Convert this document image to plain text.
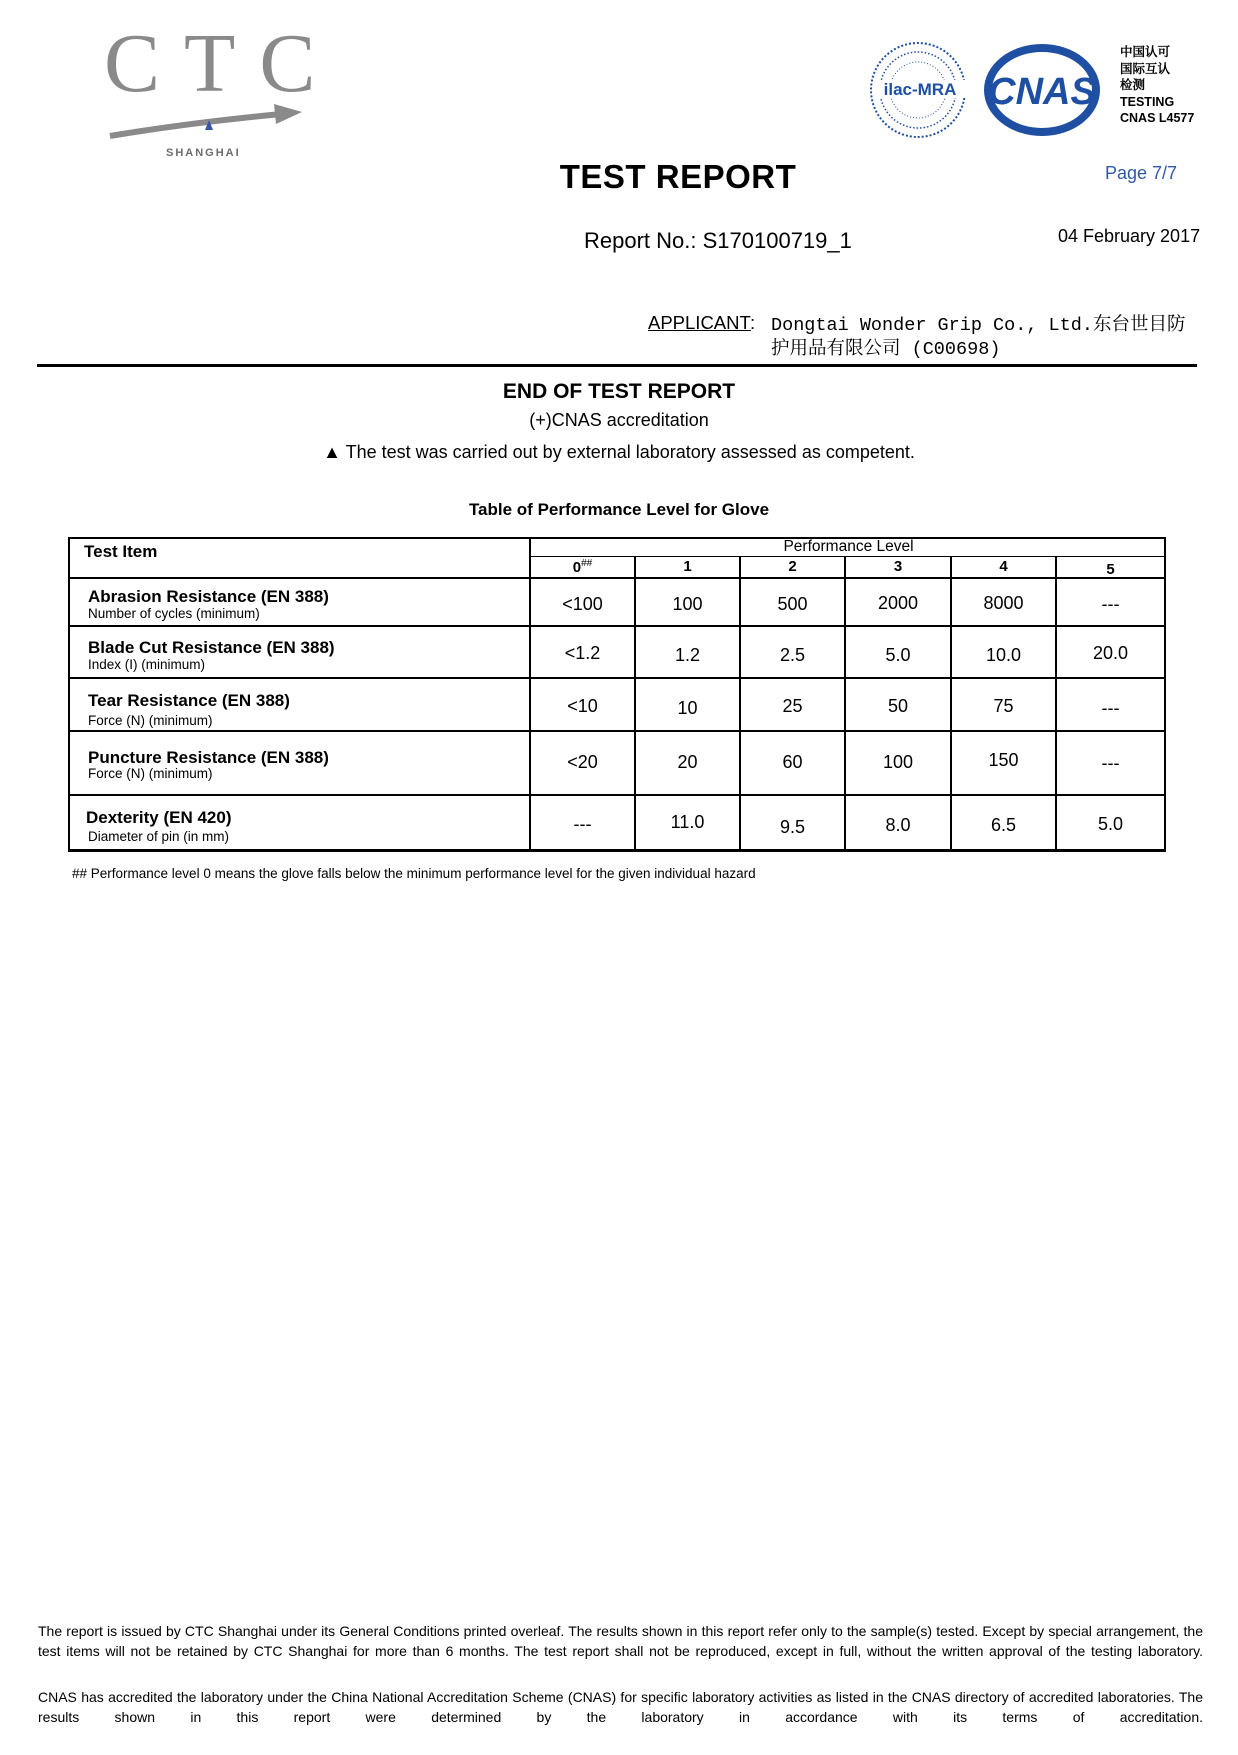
CTC
SHANGHAI
ilac-MRA CNAS
中国认可
国际互认
检测
TESTING
CNAS L4577
TEST REPORT	Page 7/7
Report No.: S170100719_1	04 February 2017
APPLICANT : Dongtai Wonder Grip Co., Ltd.东台世目防
护用品有限公司 (C00698)
END OF TEST REPORT
(+)CNAS accreditation
▲ The test was carried out by external laboratory assessed as competent.
Table of Performance Level for Glove
Test Item	Performance Level
0##	1	2	3	4	5
Abrasion Resistance (EN 388)
Number of cycles (minimum)	<100	100	500	2000	8000	---
Blade Cut Resistance (EN 388)
Index (I) (minimum)
<1.2	1.2	2.5	5.0	10.0	20.0
Tear Resistance (EN 388)
Force (N) (minimum)
<10	10	25	50	75	---
Puncture Resistance (EN 388)
Force (N) (minimum)
<20	20	60	100	150	---
Dexterity (EN 420)
Diameter of pin (in mm)
---	11.0	9.5	8.0	6.5	5.0
## Performance level 0 means the glove falls below the minimum performance level for the given individual hazard
The report is issued by CTC Shanghai under its General Conditions printed overleaf. The results shown in this report refer only to the sample(s) tested. Except by special arrangement, the test items will not be retained by CTC Shanghai for more than 6 months. The test report shall not be reproduced, except in full, without the written approval of the testing laboratory.
CNAS has accredited the laboratory under the China National Accreditation Scheme (CNAS) for specific laboratory activities as listed in the CNAS directory of accredited laboratories. The results shown in this report were determined by the laboratory in accordance with its terms of accreditation.
